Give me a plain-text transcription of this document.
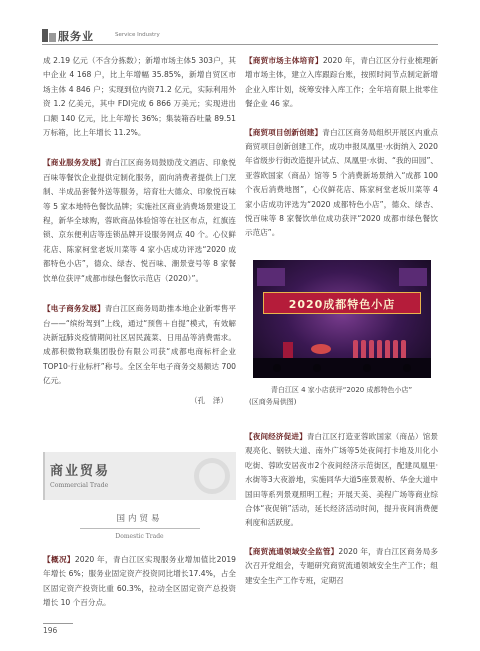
服务业	Service Industry

成 2.19 亿元（不含分拣数）；新增市场主体5 303户，其中企业 4 168 户，比上年增幅 35.85%，新增自贸区市场主体 4 846 户；实现到位内资71.2 亿元，实际利用外资 1.2 亿美元，其中 FDI完成 6 866 万美元；实现进出口额 140 亿元，比上年增长 36%；集装箱吞吐量 89.51 万标箱，比上年增长 11.2%。

【商业服务发展】青白江区商务局鼓励茂文酒店、印象悦百味等餐饮企业提供定制化服务，面向消费者提供上门烹制、半成品套餐外送等服务，培育壮大德众、印象悦百味等 5 家本地特色餐饮品牌；实施社区商业消费场景建设工程，新华全球购，蓉欧商品体验馆等在社区布点，红旗连锁、京东便利店等连锁品牌开设服务网点 40 个。心仪鲜花店、陈家柯堂老坂川菜等 4 家小店成功评选“2020 成都特色小店”，德众、绿杏、悦百味、潮景壹号等 8 家餐饮单位获评“成都市绿色餐饮示范店（2020）”。

【电子商务发展】青白江区商务局助推本地企业新零售平台——“缤纷驾到”上线，通过“预售＋自提”模式，有效解决新冠肺炎疫情期间社区居民蔬菜、日用品等消费需求。成都积微物联集团股份有限公司获“成都电商标杆企业 TOP10·行业标杆”称号。全区全年电子商务交易额达 700 亿元。

（孔　泽）

商业贸易
Commercial Trade
国内贸易
Domestic Trade

【概况】2020 年，青白江区实现服务业增加值比2019 年增长 6%；服务业固定资产投资同比增长17.4%，占全区固定资产投资比重 60.3%，拉动全区固定资产总投资增长 10 个百分点。

【商贸市场主体培育】2020 年，青白江区分行业梳理新增市场主体，建立入库跟踪台账，按照时间节点制定新增企业入库计划，统筹安排入库工作；全年培育限上批零住餐企业 46 家。

【商贸项目创新创建】青白江区商务局组织开展区内重点商贸项目创新创建工作，成功申报凤凰里·水街纳入 2020 年省级步行街改造提升试点、凤凰里·水街、“我的田园”、亚蓉欧国家（商品）馆等 5 个消费新场景纳入“成都 100 个夜后消费地图”，心仪鲜花店、陈家柯堂老坂川菜等 4 家小店成功评选为“2020 成都特色小店”，德众、绿杏、悦百味等 8 家餐饮单位成功获评“2020 成都市绿色餐饮示范店”。

2020成都特色小店
青白江区 4 家小店获评“2020 成都特色小店”
(区商务局供图)

【夜间经济促进】青白江区打造亚蓉欧国家（商品）馆景观亮化、钢铁大道、南外广场等5处夜间打卡地及川化小吃街、蓉欧安居夜市2个夜间经济示范街区，配建凤凰里·水街等3大夜游地，实施同华大道5座景观桥、华金大道中国田等系列景观照明工程；开展天美、美程广场等商业综合体“夜促销”活动，延长经济活动时间，提升夜间消费便利度和活跃度。

【商贸流通领域安全监管】2020 年，青白江区商务局多次召开党组会，专题研究商贸流通领域安全生产工作；组建安全生产工作专班，定期召

196
